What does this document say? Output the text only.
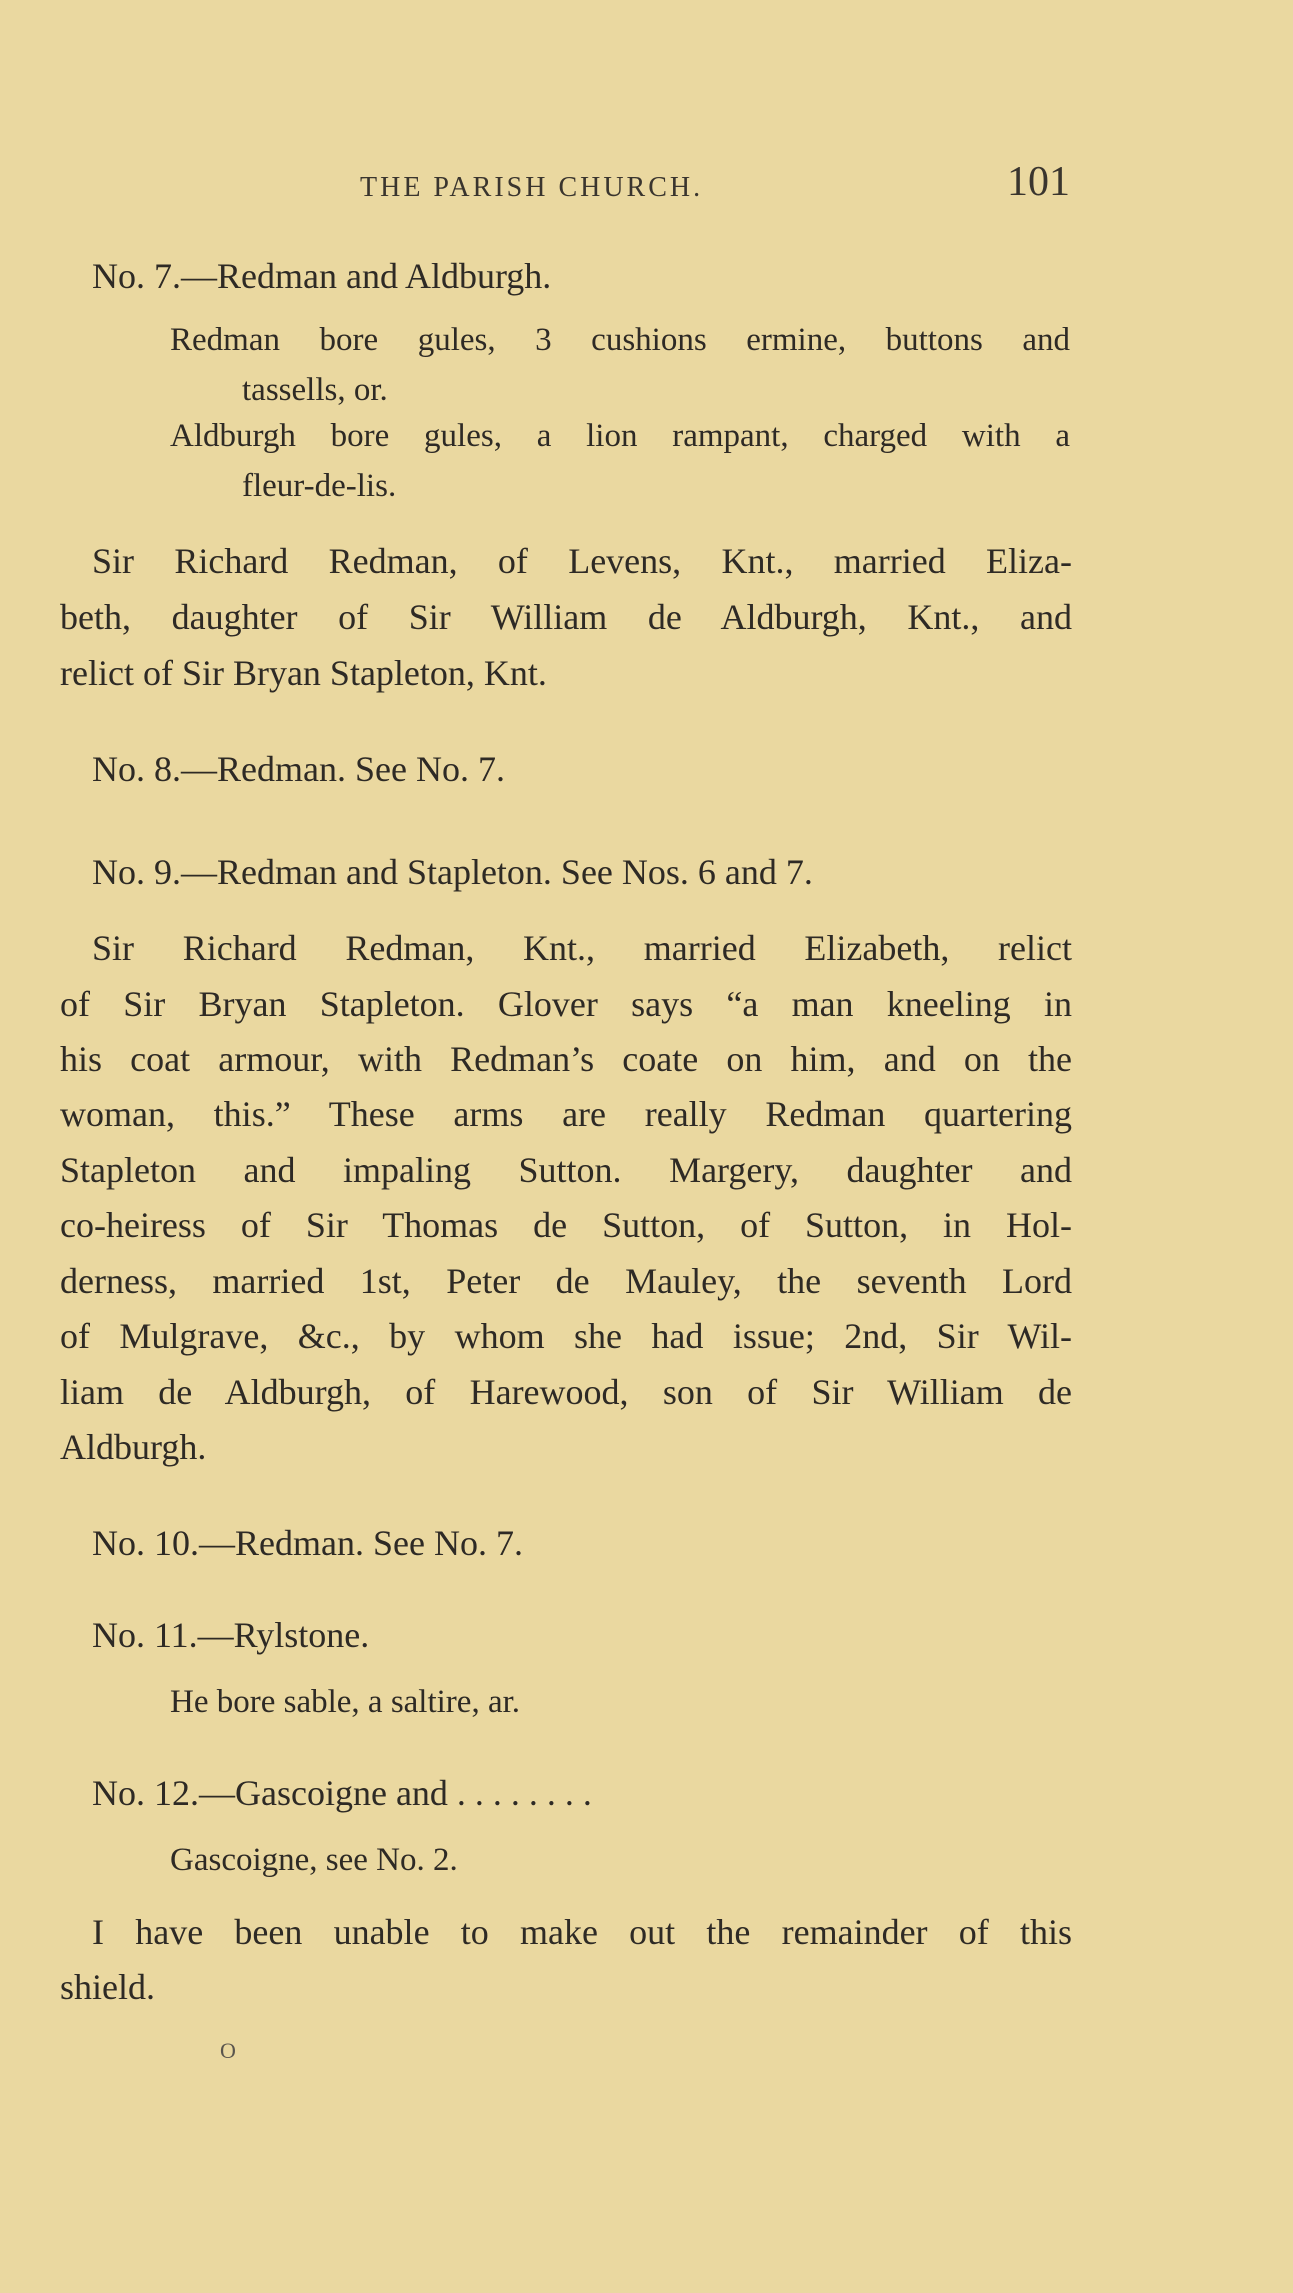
THE PARISH CHURCH.	101
No. 7.—Redman and Aldburgh.
Redman bore gules, 3 cushions ermine, buttons and
tassells, or.
Aldburgh bore gules, a lion rampant, charged with a
fleur-de-lis.
Sir Richard Redman, of Levens, Knt., married Eliza-
beth, daughter of Sir William de Aldburgh, Knt., and
relict of Sir Bryan Stapleton, Knt.
No. 8.—Redman. See No. 7.
No. 9.—Redman and Stapleton. See Nos. 6 and 7.
Sir Richard Redman, Knt., married Elizabeth, relict
of Sir Bryan Stapleton. Glover says “a man kneeling in
his coat armour, with Redman’s coate on him, and on the
woman, this.” These arms are really Redman quartering
Stapleton and impaling Sutton. Margery, daughter and
co-heiress of Sir Thomas de Sutton, of Sutton, in Hol-
derness, married 1st, Peter de Mauley, the seventh Lord
of Mulgrave, &c., by whom she had issue; 2nd, Sir Wil-
liam de Aldburgh, of Harewood, son of Sir William de
Aldburgh.
No. 10.—Redman. See No. 7.
No. 11.—Rylstone.
He bore sable, a saltire, ar.
No. 12.—Gascoigne and . . . . . . . .
Gascoigne, see No. 2.
I have been unable to make out the remainder of this
shield.
O
